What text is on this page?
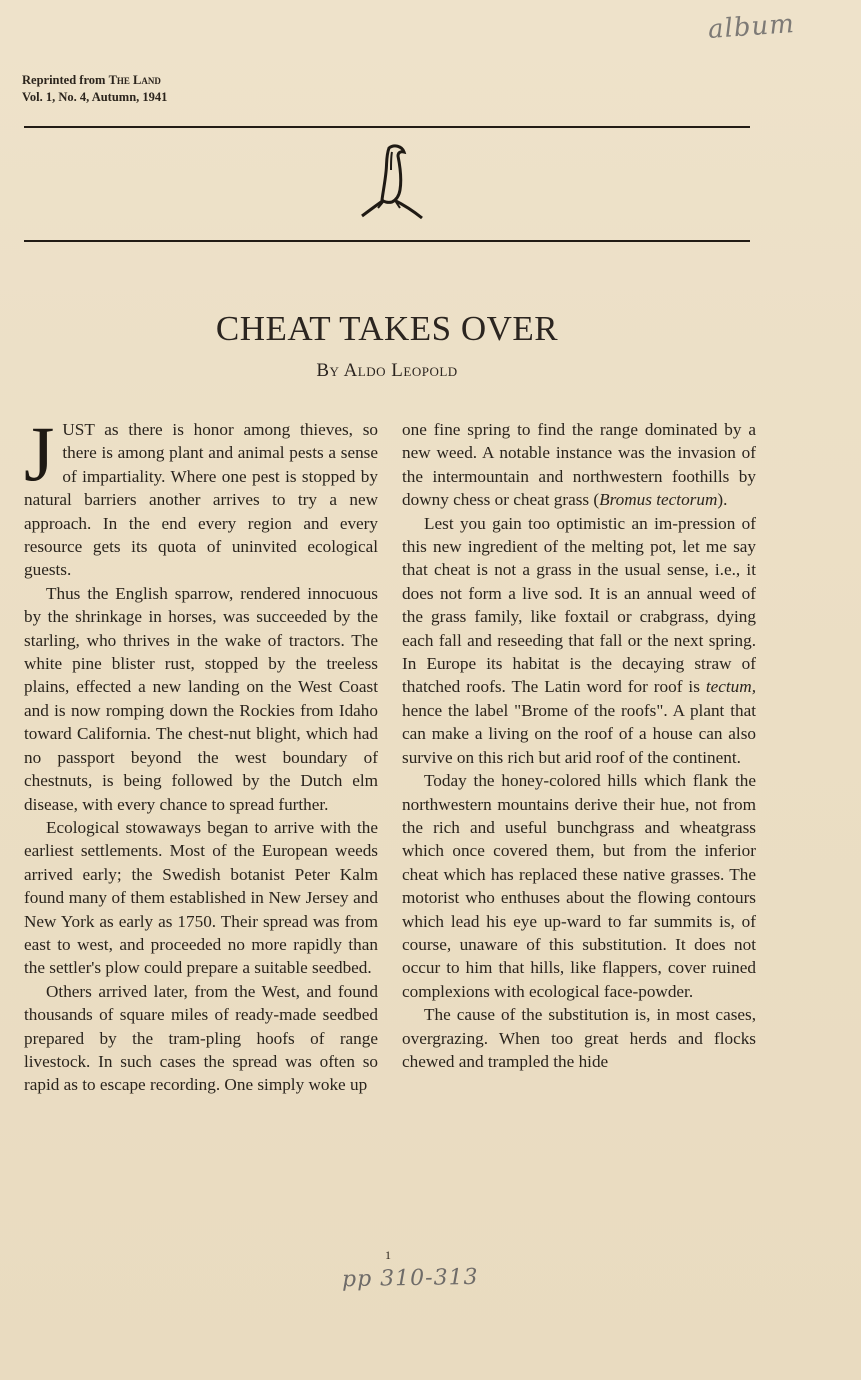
album
Reprinted from The Land
Vol. 1, No. 4, Autumn, 1941
CHEAT TAKES OVER
By Aldo Leopold

JUST as there is honor among thieves, so there is among plant and animal pests a sense of impartiality. Where one pest is stopped by natural barriers another arrives to try a new approach. In the end every region and every resource gets its quota of uninvited ecological guests.

Thus the English sparrow, rendered innocuous by the shrinkage in horses, was succeeded by the starling, who thrives in the wake of tractors. The white pine blister rust, stopped by the treeless plains, effected a new landing on the West Coast and is now romping down the Rockies from Idaho toward California. The chest-nut blight, which had no passport beyond the west boundary of chestnuts, is being followed by the Dutch elm disease, with every chance to spread further.

Ecological stowaways began to arrive with the earliest settlements. Most of the European weeds arrived early; the Swedish botanist Peter Kalm found many of them established in New Jersey and New York as early as 1750. Their spread was from east to west, and proceeded no more rapidly than the settler's plow could prepare a suitable seedbed.

Others arrived later, from the West, and found thousands of square miles of ready-made seedbed prepared by the tram-pling hoofs of range livestock. In such cases the spread was often so rapid as to escape recording. One simply woke up

one fine spring to find the range dominated by a new weed. A notable instance was the invasion of the intermountain and northwestern foothills by downy chess or cheat grass (Bromus tectorum).

Lest you gain too optimistic an im-pression of this new ingredient of the melting pot, let me say that cheat is not a grass in the usual sense, i.e., it does not form a live sod. It is an annual weed of the grass family, like foxtail or crabgrass, dying each fall and reseeding that fall or the next spring. In Europe its habitat is the decaying straw of thatched roofs. The Latin word for roof is tectum, hence the label "Brome of the roofs". A plant that can make a living on the roof of a house can also survive on this rich but arid roof of the continent.

Today the honey-colored hills which flank the northwestern mountains derive their hue, not from the rich and useful bunchgrass and wheatgrass which once covered them, but from the inferior cheat which has replaced these native grasses. The motorist who enthuses about the flowing contours which lead his eye up-ward to far summits is, of course, unaware of this substitution. It does not occur to him that hills, like flappers, cover ruined complexions with ecological face-powder.

The cause of the substitution is, in most cases, overgrazing. When too great herds and flocks chewed and trampled the hide

1
pp 310-313
